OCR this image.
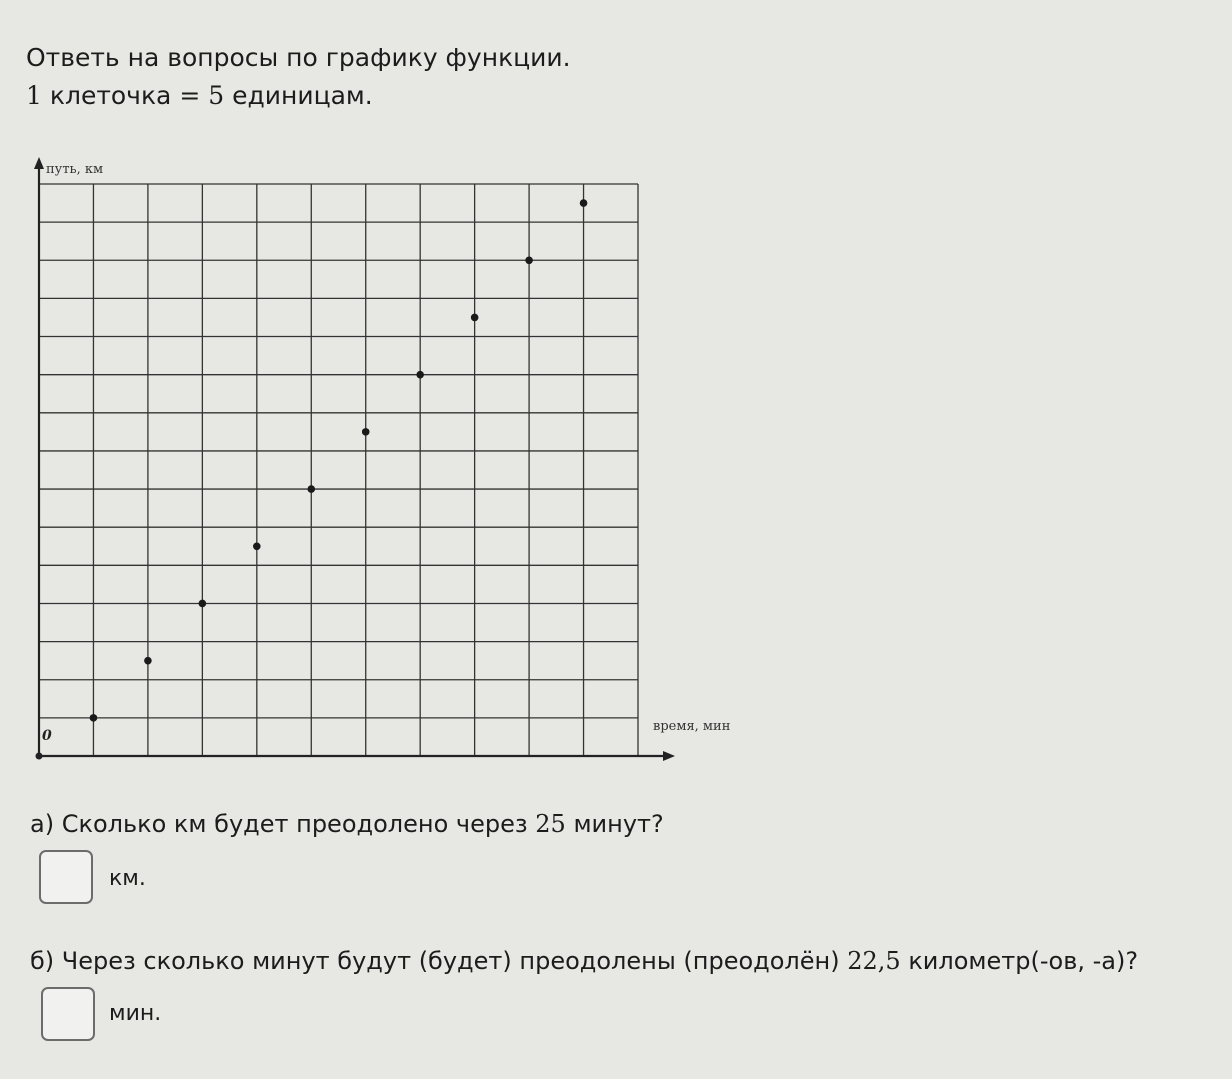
Ответь на вопросы по графику функции.
1 клеточка = 5 единицам.
путь, км
время, мин
0
а) Сколько км будет преодолено через 25 минут?
км.
б) Через сколько минут будут (будет) преодолены (преодолён) 22,5 километр(-ов, -а)?
мин.
